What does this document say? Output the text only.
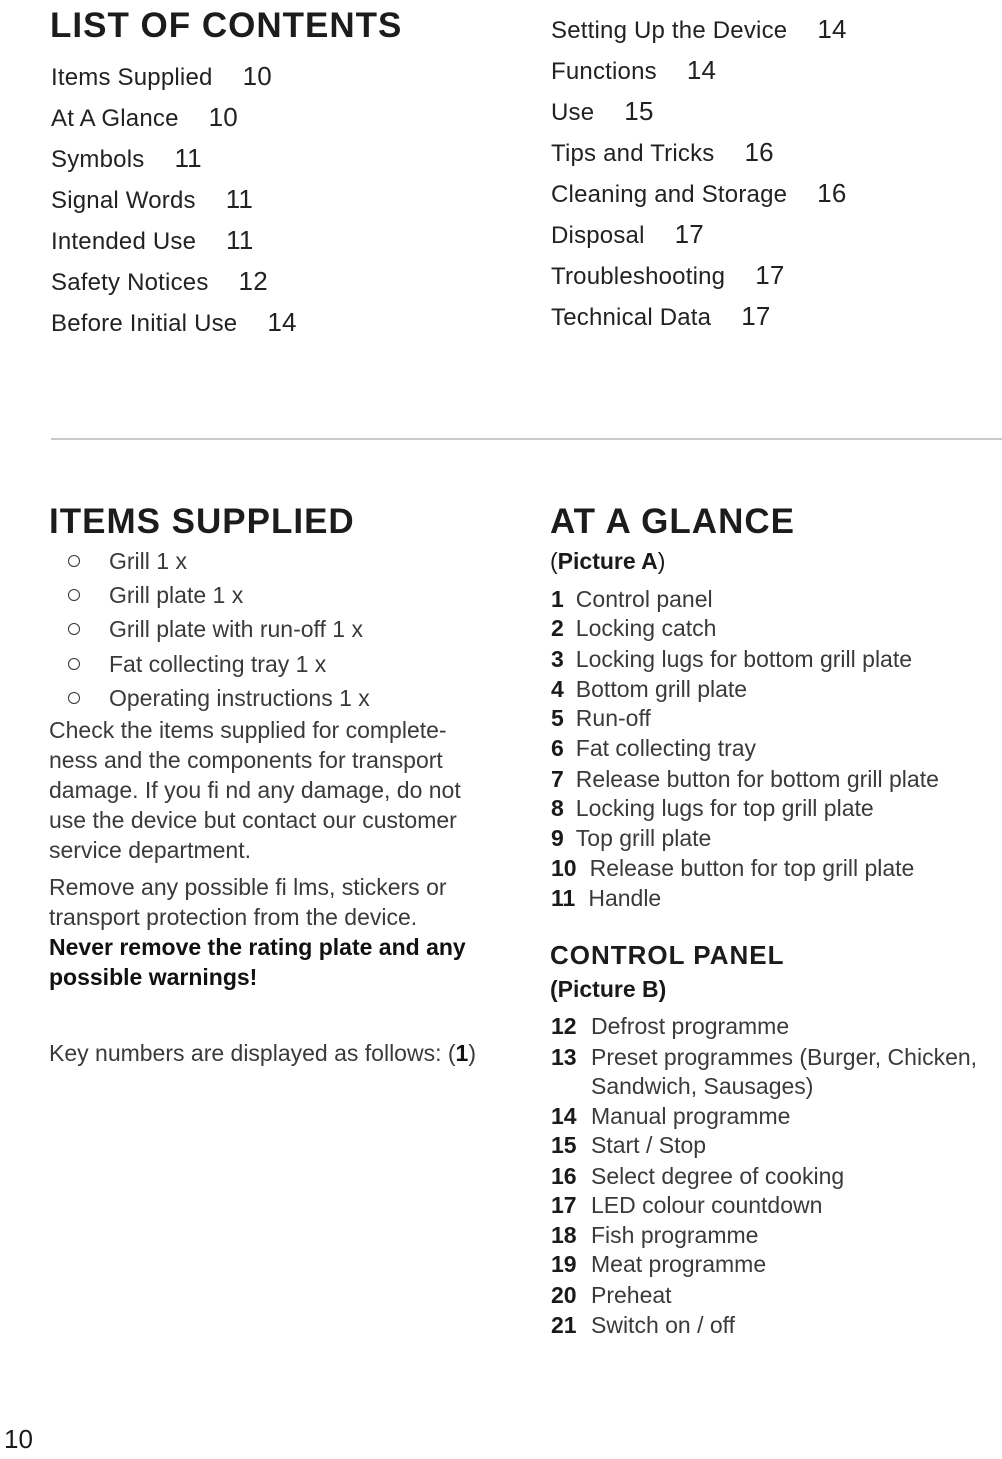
LIST OF CONTENTS
Items Supplied 10
At A Glance 10
Symbols 11
Signal Words 11
Intended Use 11
Safety Notices 12
Before Initial Use 14
Setting Up the Device 14
Functions 14
Use 15
Tips and Tricks 16
Cleaning and Storage 16
Disposal 17
Troubleshooting 17
Technical Data 17
ITEMS SUPPLIED
Grill 1 x
Grill plate 1 x
Grill plate with run-off 1 x
Fat collecting tray 1 x
Operating instructions 1 x
Check the items supplied for complete-
ness and the components for transport
damage. If you fi nd any damage, do not
use the device but contact our customer
service department.
Remove any possible fi lms, stickers or
transport protection from the device.
Never remove the rating plate and any
possible warnings!
Key numbers are displayed as follows: (1)
AT A GLANCE
(Picture A)
1 Control panel
2 Locking catch
3 Locking lugs for bottom grill plate
4 Bottom grill plate
5 Run-off
6 Fat collecting tray
7 Release button for bottom grill plate
8 Locking lugs for top grill plate
9 Top grill plate
10 Release button for top grill plate
11 Handle
CONTROL PANEL
(Picture B)
12 Defrost programme
13 Preset programmes (Burger, Chicken,
Sandwich, Sausages)
14 Manual programme
15 Start / Stop
16 Select degree of cooking
17 LED colour countdown
18 Fish programme
19 Meat programme
20 Preheat
21 Switch on / off
10
